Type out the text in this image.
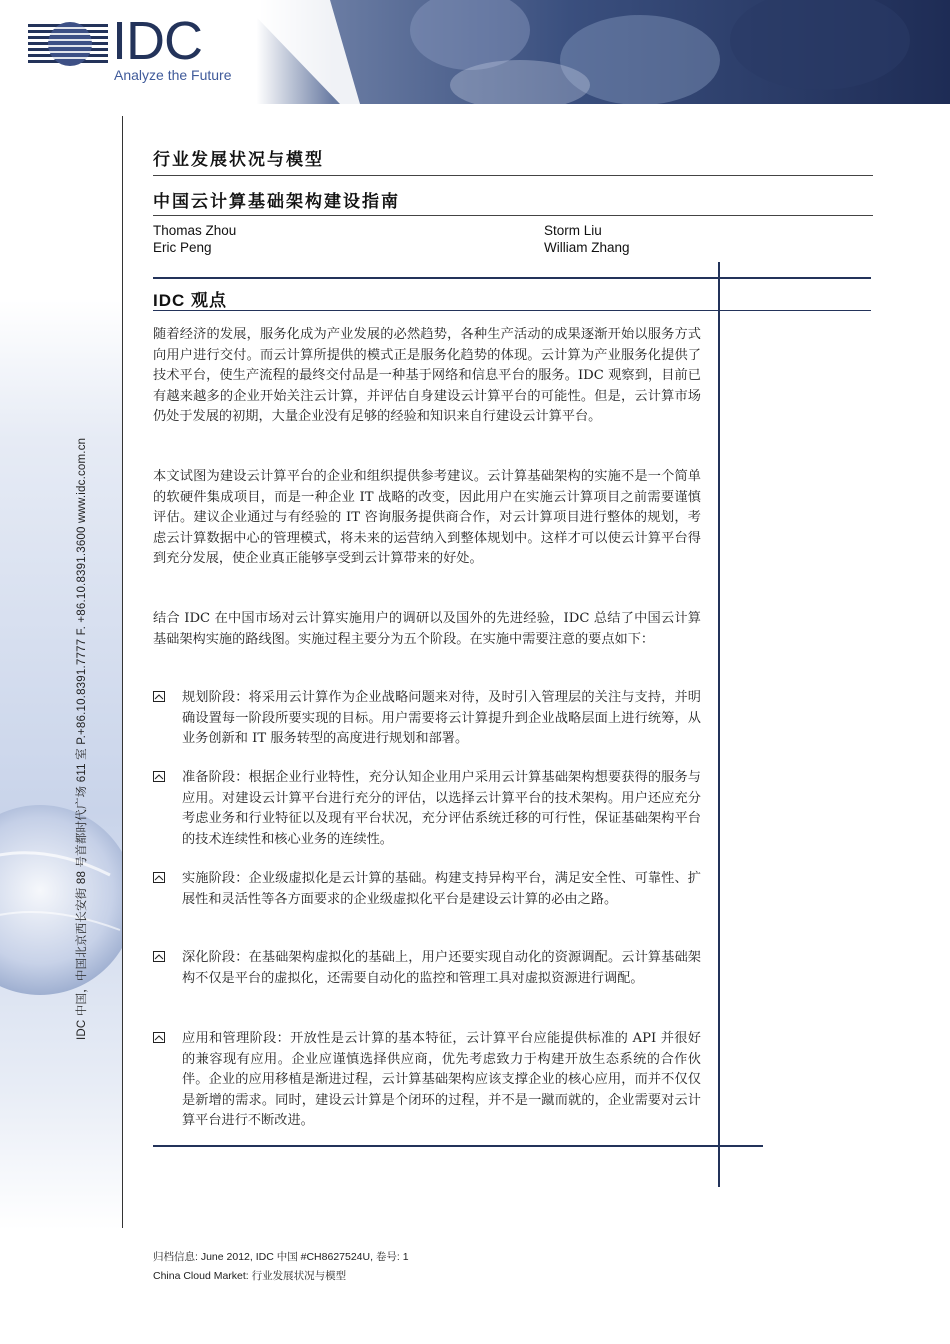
IDC
Analyze the Future
IDC 中国，中国北京西长安街 88 号首都时代广场 611 室 P.+86.10.8391.7777 F. +86.10.8391.3600 www.idc.com.cn
行业发展状况与模型
中国云计算基础架构建设指南
Thomas Zhou
Eric Peng
Storm Liu
William Zhang
IDC 观点
随着经济的发展，服务化成为产业发展的必然趋势，各种生产活动的成果逐渐开始以服务方式向用户进行交付。而云计算所提供的模式正是服务化趋势的体现。云计算为产业服务化提供了技术平台，使生产流程的最终交付品是一种基于网络和信息平台的服务。IDC 观察到，目前已有越来越多的企业开始关注云计算，并评估自身建设云计算平台的可能性。但是，云计算市场仍处于发展的初期，大量企业没有足够的经验和知识来自行建设云计算平台。
本文试图为建设云计算平台的企业和组织提供参考建议。云计算基础架构的实施不是一个简单的软硬件集成项目，而是一种企业 IT 战略的改变，因此用户在实施云计算项目之前需要谨慎评估。建议企业通过与有经验的 IT 咨询服务提供商合作，对云计算项目进行整体的规划，考虑云计算数据中心的管理模式，将未来的运营纳入到整体规划中。这样才可以使云计算平台得到充分发展，使企业真正能够享受到云计算带来的好处。
结合 IDC 在中国市场对云计算实施用户的调研以及国外的先进经验，IDC 总结了中国云计算基础架构实施的路线图。实施过程主要分为五个阶段。在实施中需要注意的要点如下：
规划阶段：将采用云计算作为企业战略问题来对待，及时引入管理层的关注与支持，并明确设置每一阶段所要实现的目标。用户需要将云计算提升到企业战略层面上进行统筹，从业务创新和 IT 服务转型的高度进行规划和部署。
准备阶段：根据企业行业特性，充分认知企业用户采用云计算基础架构想要获得的服务与应用。对建设云计算平台进行充分的评估，以选择云计算平台的技术架构。用户还应充分考虑业务和行业特征以及现有平台状况，充分评估系统迁移的可行性，保证基础架构平台的技术连续性和核心业务的连续性。
实施阶段：企业级虚拟化是云计算的基础。构建支持异构平台，满足安全性、可靠性、扩展性和灵活性等各方面要求的企业级虚拟化平台是建设云计算的必由之路。
深化阶段：在基础架构虚拟化的基础上，用户还要实现自动化的资源调配。云计算基础架构不仅是平台的虚拟化，还需要自动化的监控和管理工具对虚拟资源进行调配。
应用和管理阶段：开放性是云计算的基本特征，云计算平台应能提供标准的 API 并很好的兼容现有应用。企业应谨慎选择供应商，优先考虑致力于构建开放生态系统的合作伙伴。企业的应用移植是渐进过程，云计算基础架构应该支撑企业的核心应用，而并不仅仅是新增的需求。同时，建设云计算是个闭环的过程，并不是一蹴而就的，企业需要对云计算平台进行不断改进。
归档信息: June 2012, IDC 中国 #CH8627524U, 卷号: 1
China Cloud Market: 行业发展状况与模型
